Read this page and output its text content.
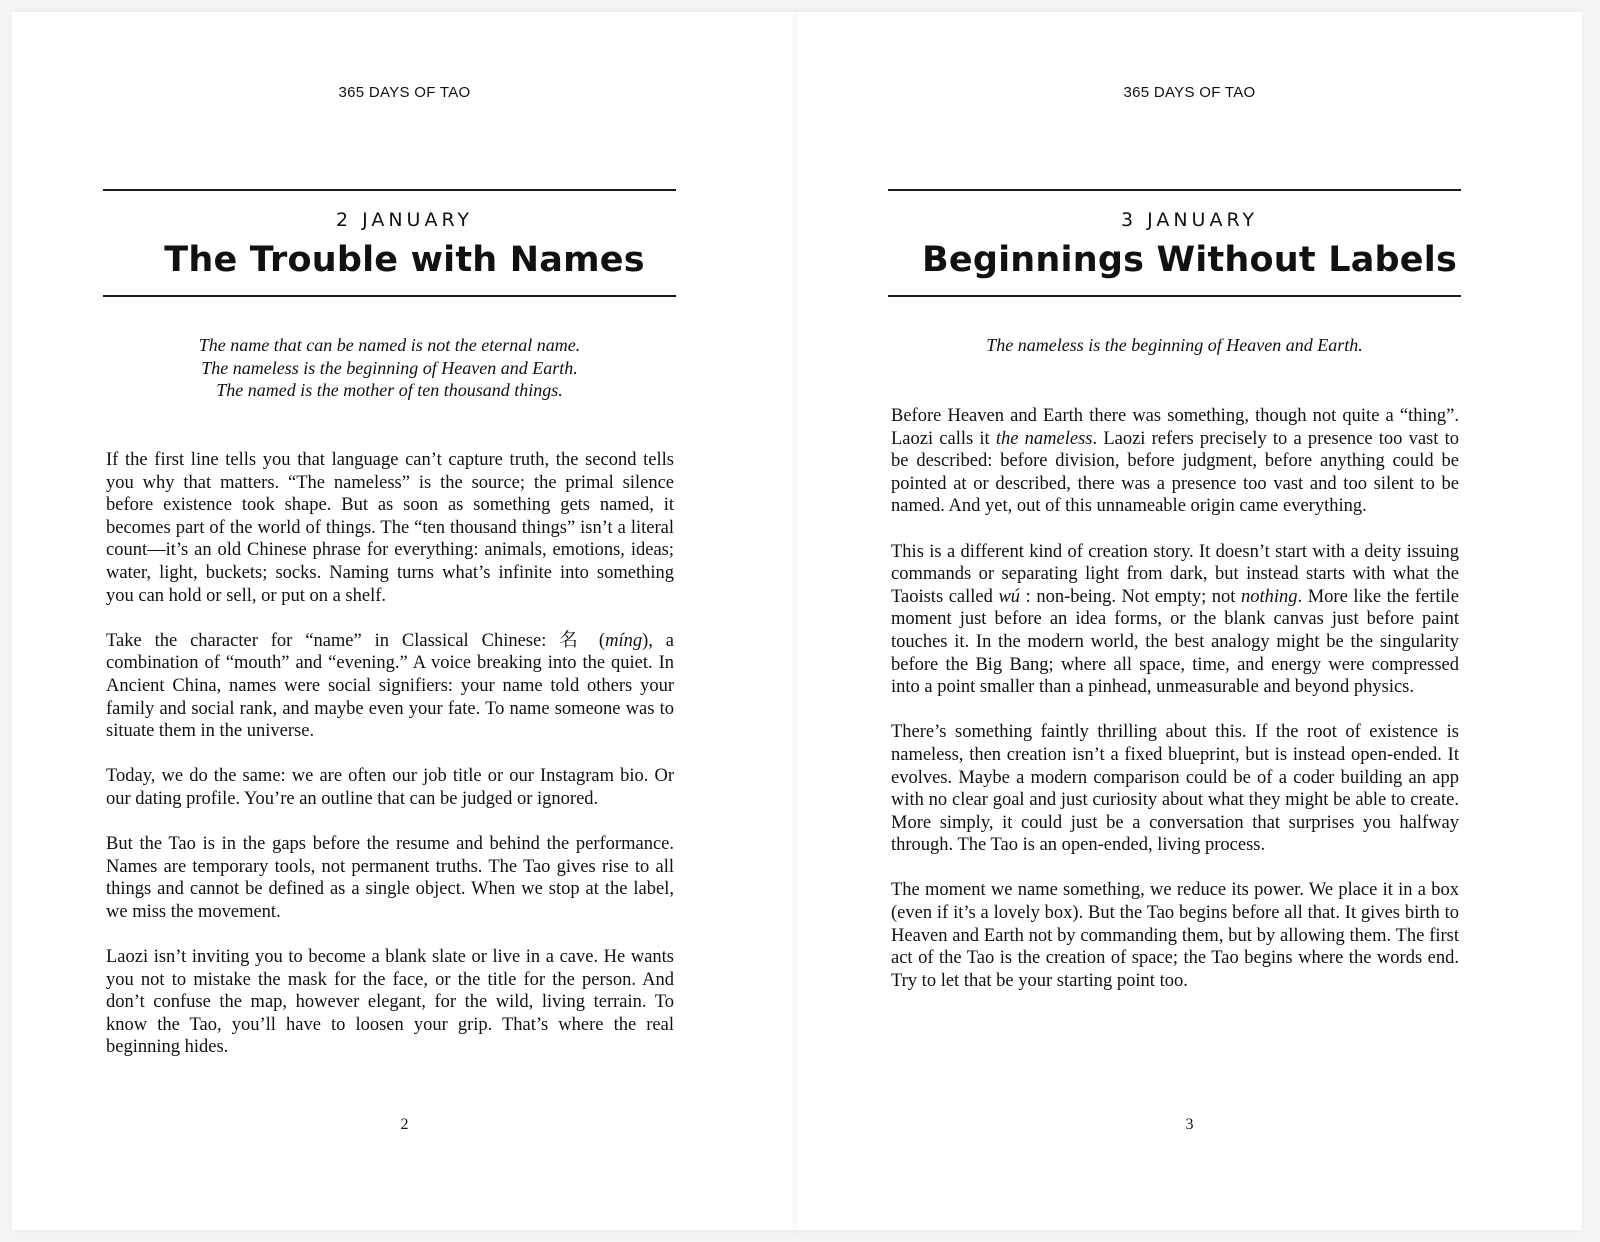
365 DAYS OF TAO
2 JANUARY
The Trouble with Names
The name that can be named is not the eternal name.
The nameless is the beginning of Heaven and Earth.
The named is the mother of ten thousand things.

If the first line tells you that language can’t capture truth, the second tells you why that matters. “The nameless” is the source; the primal silence before existence took shape. But as soon as something gets named, it becomes part of the world of things. The “ten thousand things” isn’t a literal count—it’s an old Chinese phrase for everything: animals, emotions, ideas; water, light, buckets; socks. Naming turns what’s infinite into something you can hold or sell, or put on a shelf.

Take the character for “name” in Classical Chinese: 名 (míng), a combination of “mouth” and “evening.” A voice breaking into the quiet. In Ancient China, names were social signifiers: your name told others your family and social rank, and maybe even your fate. To name someone was to situate them in the universe.

Today, we do the same: we are often our job title or our Instagram bio. Or our dating profile. You’re an outline that can be judged or ignored.

But the Tao is in the gaps before the resume and behind the performance. Names are temporary tools, not permanent truths. The Tao gives rise to all things and cannot be defined as a single object. When we stop at the label, we miss the movement.

Laozi isn’t inviting you to become a blank slate or live in a cave. He wants you not to mistake the mask for the face, or the title for the person. And don’t confuse the map, however elegant, for the wild, living terrain. To know the Tao, you’ll have to loosen your grip. That’s where the real beginning hides.

2
365 DAYS OF TAO
3 JANUARY
Beginnings Without Labels
The nameless is the beginning of Heaven and Earth.

Before Heaven and Earth there was something, though not quite a “thing”. Laozi calls it the nameless. Laozi refers precisely to a presence too vast to be described: before division, before judgment, before anything could be pointed at or described, there was a presence too vast and too silent to be named. And yet, out of this unnameable origin came everything.

This is a different kind of creation story. It doesn’t start with a deity issuing commands or separating light from dark, but instead starts with what the Taoists called wú : non-being. Not empty; not nothing. More like the fertile moment just before an idea forms, or the blank canvas just before paint touches it. In the modern world, the best analogy might be the singularity before the Big Bang; where all space, time, and energy were compressed into a point smaller than a pinhead, unmeasurable and beyond physics.

There’s something faintly thrilling about this. If the root of existence is nameless, then creation isn’t a fixed blueprint, but is instead open-ended. It evolves. Maybe a modern comparison could be of a coder building an app with no clear goal and just curiosity about what they might be able to create. More simply, it could just be a conversation that surprises you halfway through. The Tao is an open-ended, living process.

The moment we name something, we reduce its power. We place it in a box (even if it’s a lovely box). But the Tao begins before all that. It gives birth to Heaven and Earth not by commanding them, but by allowing them. The first act of the Tao is the creation of space; the Tao begins where the words end. Try to let that be your starting point too.

3
